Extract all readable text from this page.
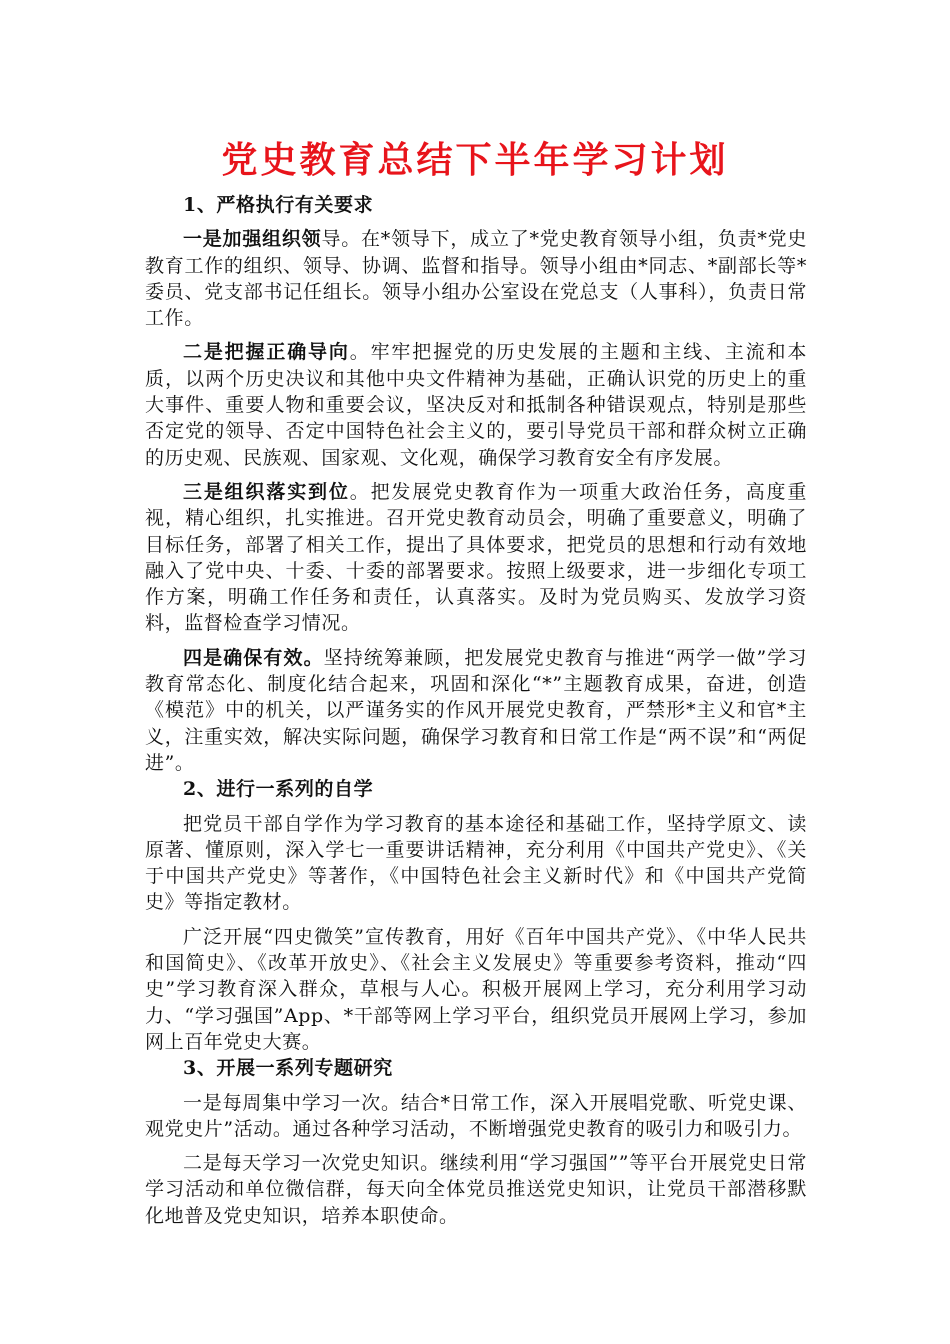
党史教育总结下半年学习计划

1、严格执行有关要求

一是加强组织领导。在*领导下，成立了*党史教育领导小组，负责*党史教育工作的组织、领导、协调、监督和指导。领导小组由*同志、*副部长等*委员、党支部书记任组长。领导小组办公室设在党总支（人事科），负责日常工作。

二是把握正确导向。牢牢把握党的历史发展的主题和主线、主流和本质，以两个历史决议和其他中央文件精神为基础，正确认识党的历史上的重大事件、重要人物和重要会议，坚决反对和抵制各种错误观点，特别是那些否定党的领导、否定中国特色社会主义的，要引导党员干部和群众树立正确的历史观、民族观、国家观、文化观，确保学习教育安全有序发展。

三是组织落实到位。把发展党史教育作为一项重大政治任务，高度重视，精心组织，扎实推进。召开党史教育动员会，明确了重要意义，明确了目标任务，部署了相关工作，提出了具体要求，把党员的思想和行动有效地融入了党中央、十委、十委的部署要求。按照上级要求，进一步细化专项工作方案，明确工作任务和责任，认真落实。及时为党员购买、发放学习资料，监督检查学习情况。

四是确保有效。坚持统筹兼顾，把发展党史教育与推进“两学一做”学习教育常态化、制度化结合起来，巩固和深化“*”主题教育成果，奋进，创造《模范》中的机关，以严谨务实的作风开展党史教育，严禁形*主义和官*主义，注重实效，解决实际问题，确保学习教育和日常工作是“两不误”和“两促进”。

2、进行一系列的自学

把党员干部自学作为学习教育的基本途径和基础工作，坚持学原文、读原著、懂原则，深入学七一重要讲话精神，充分利用《中国共产党史》、《关于中国共产党史》等著作，《中国特色社会主义新时代》和《中国共产党简史》等指定教材。

广泛开展“四史微笑”宣传教育，用好《百年中国共产党》、《中华人民共和国简史》、《改革开放史》、《社会主义发展史》等重要参考资料，推动“四史”学习教育深入群众，草根与人心。积极开展网上学习，充分利用学习动力、“学习强国”App、*干部等网上学习平台，组织党员开展网上学习，参加网上百年党史大赛。

3、开展一系列专题研究

一是每周集中学习一次。结合*日常工作，深入开展唱党歌、听党史课、观党史片”活动。通过各种学习活动，不断增强党史教育的吸引力和吸引力。

二是每天学习一次党史知识。继续利用“学习强国””等平台开展党史日常学习活动和单位微信群，每天向全体党员推送党史知识，让党员干部潜移默化地普及党史知识，培养本职使命。
